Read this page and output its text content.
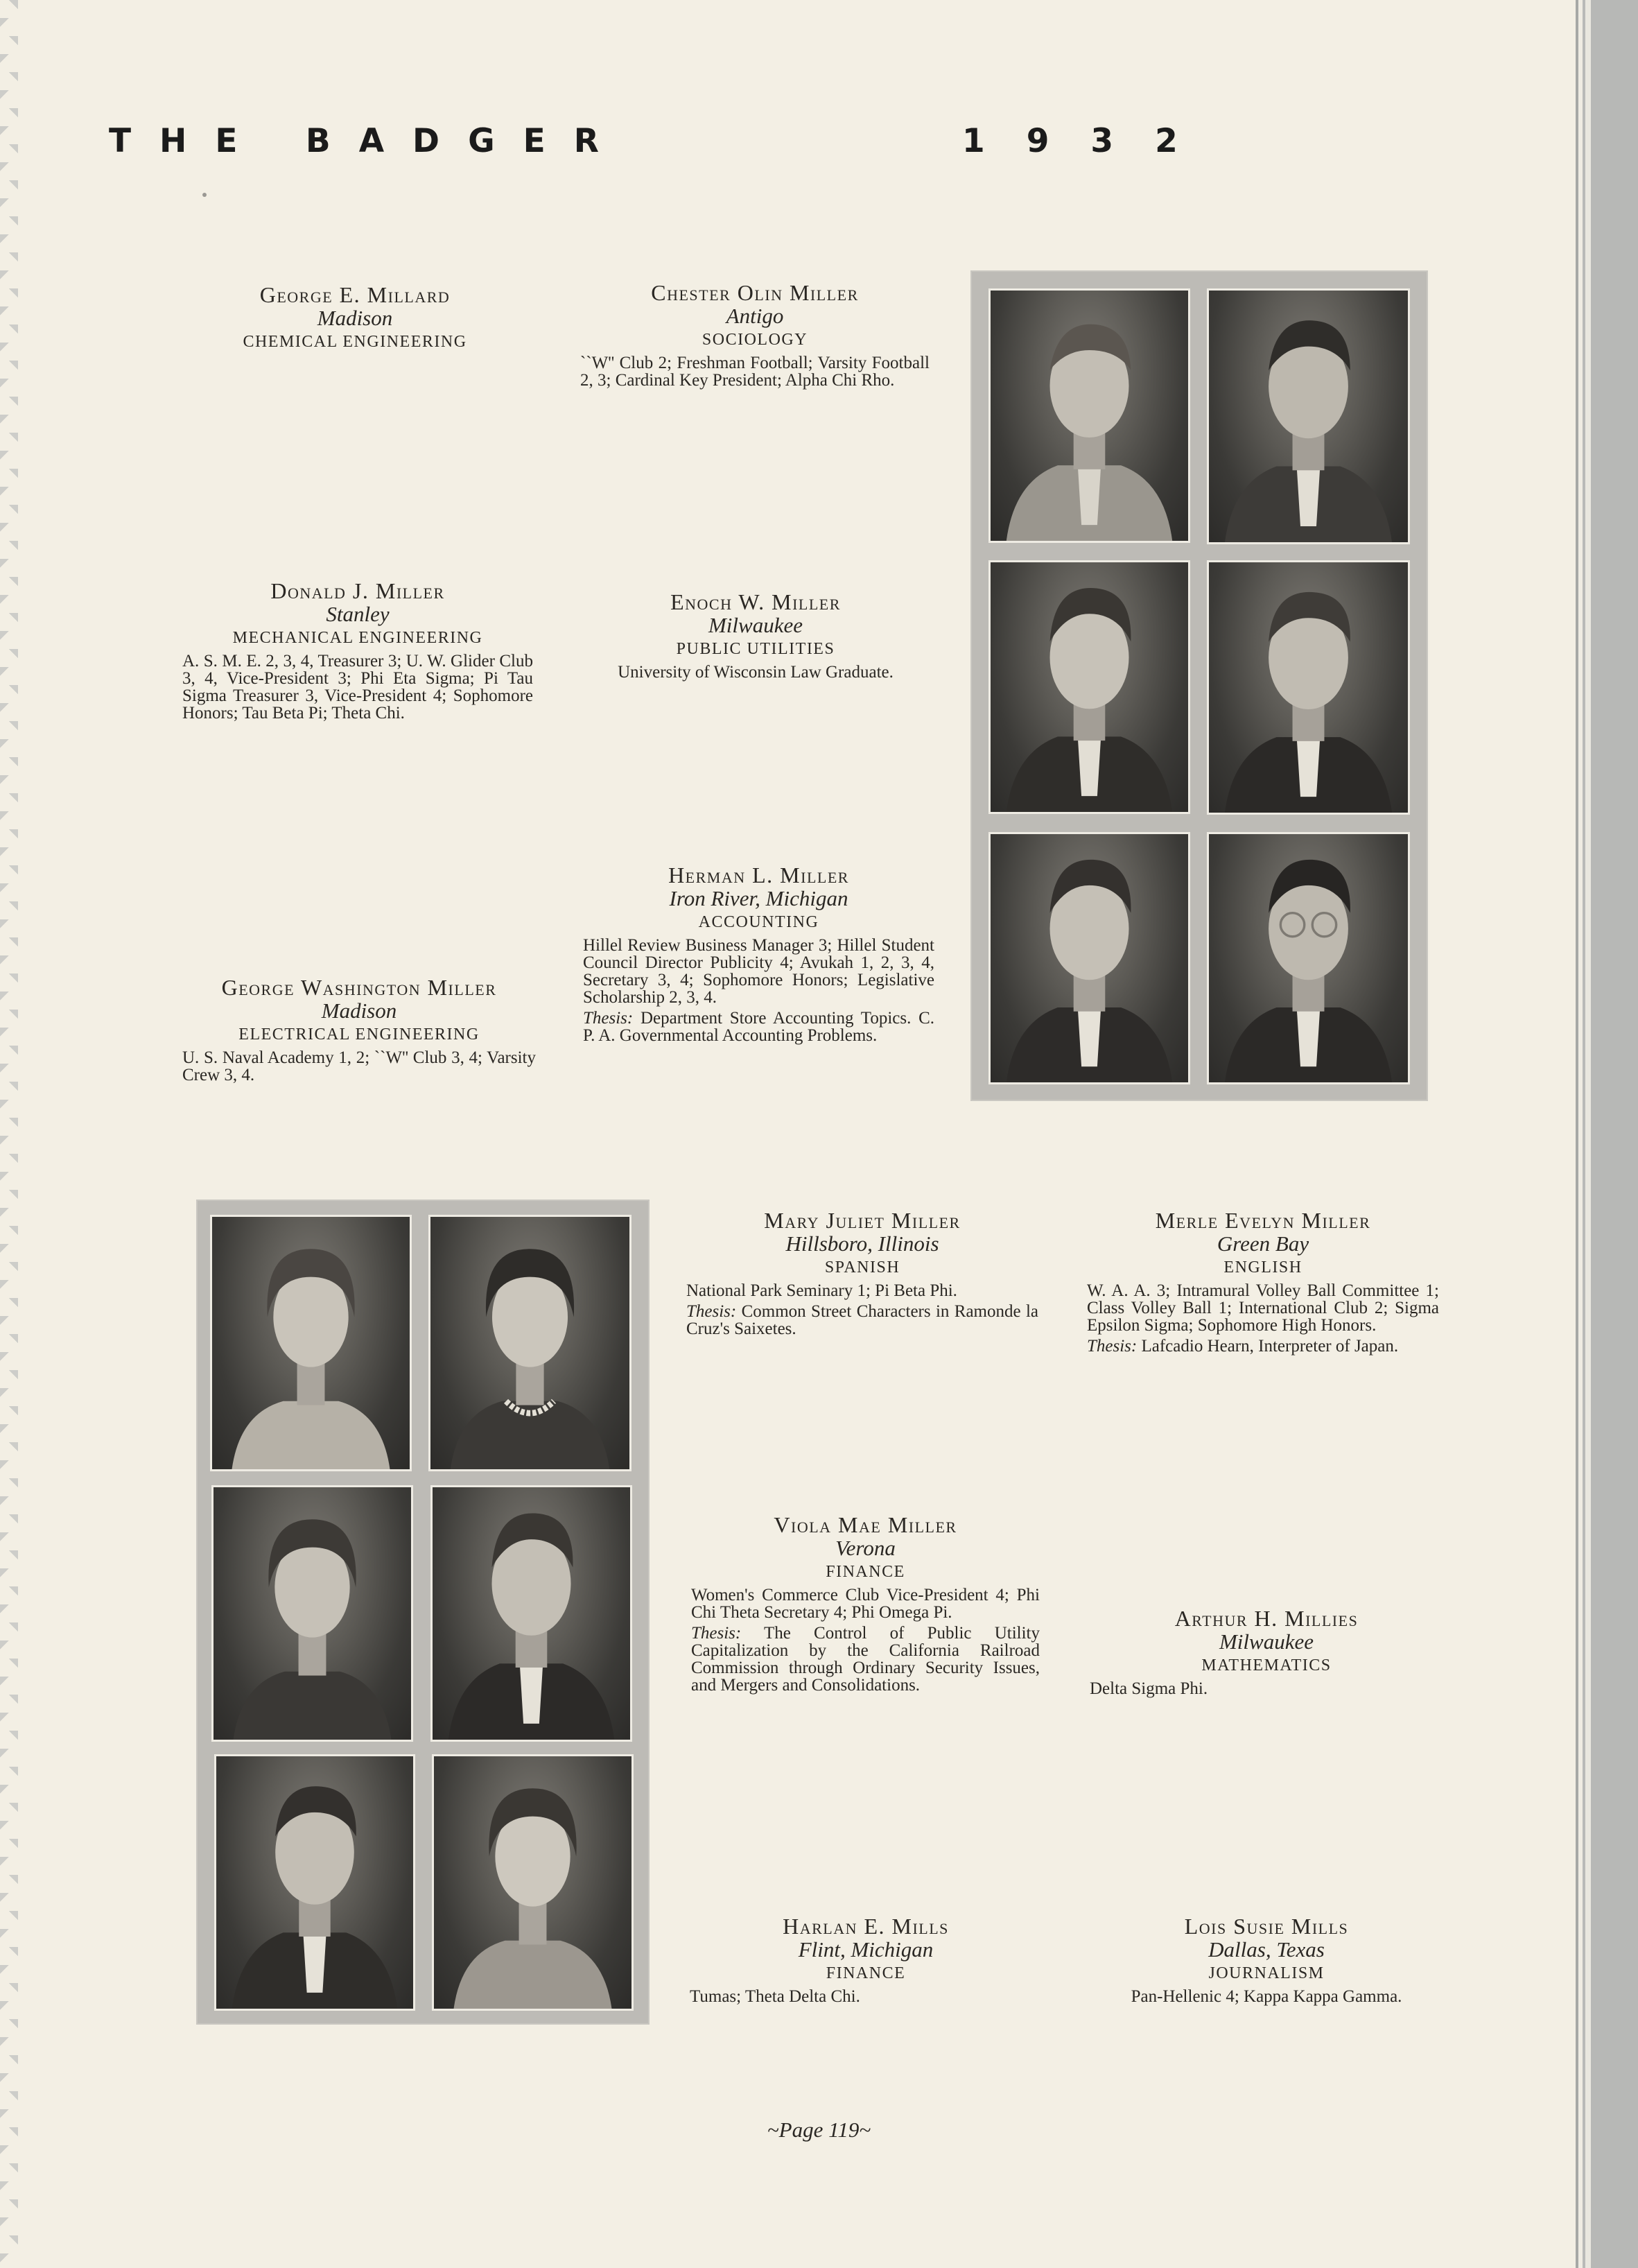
THE BADGER	1932
George E. Millard
Madison
CHEMICAL ENGINEERING
Chester Olin Miller
Antigo
SOCIOLOGY
``W'' Club 2; Freshman Football; Varsity Football 2, 3; Cardinal Key President; Alpha Chi Rho.
Donald J. Miller
Stanley
MECHANICAL ENGINEERING
A. S. M. E. 2, 3, 4, Treasurer 3; U. W. Glider Club 3, 4, Vice-President 3; Phi Eta Sigma; Pi Tau Sigma Treasurer 3, Vice-President 4; Sophomore Honors; Tau Beta Pi; Theta Chi.
Enoch W. Miller
Milwaukee
PUBLIC UTILITIES
University of Wisconsin Law Graduate.
Herman L. Miller
Iron River, Michigan
ACCOUNTING
Hillel Review Business Manager 3; Hillel Student Council Director Publicity 4; Avukah 1, 2, 3, 4, Secretary 3, 4; Sophomore Honors; Legislative Scholarship 2, 3, 4.
Thesis: Department Store Accounting Topics. C. P. A. Governmental Accounting Problems.
George Washington Miller
Madison
ELECTRICAL ENGINEERING
U. S. Naval Academy 1, 2; ``W'' Club 3, 4; Varsity Crew 3, 4.
Mary Juliet Miller
Hillsboro, Illinois
SPANISH
National Park Seminary 1; Pi Beta Phi.
Thesis: Common Street Characters in Ramonde la Cruz's Saixetes.
Merle Evelyn Miller
Green Bay
ENGLISH
W. A. A. 3; Intramural Volley Ball Committee 1; Class Volley Ball 1; International Club 2; Sigma Epsilon Sigma; Sophomore High Honors.
Thesis: Lafcadio Hearn, Interpreter of Japan.
Viola Mae Miller
Verona
FINANCE
Women's Commerce Club Vice-President 4; Phi Chi Theta Secretary 4; Phi Omega Pi.
Thesis: The Control of Public Utility Capitalization by the California Railroad Commission through Ordinary Security Issues, and Mergers and Consolidations.
Arthur H. Millies
Milwaukee
MATHEMATICS
Delta Sigma Phi.
Harlan E. Mills
Flint, Michigan
FINANCE
Tumas; Theta Delta Chi.
Lois Susie Mills
Dallas, Texas
JOURNALISM
Pan-Hellenic 4; Kappa Kappa Gamma.
~Page 119~
